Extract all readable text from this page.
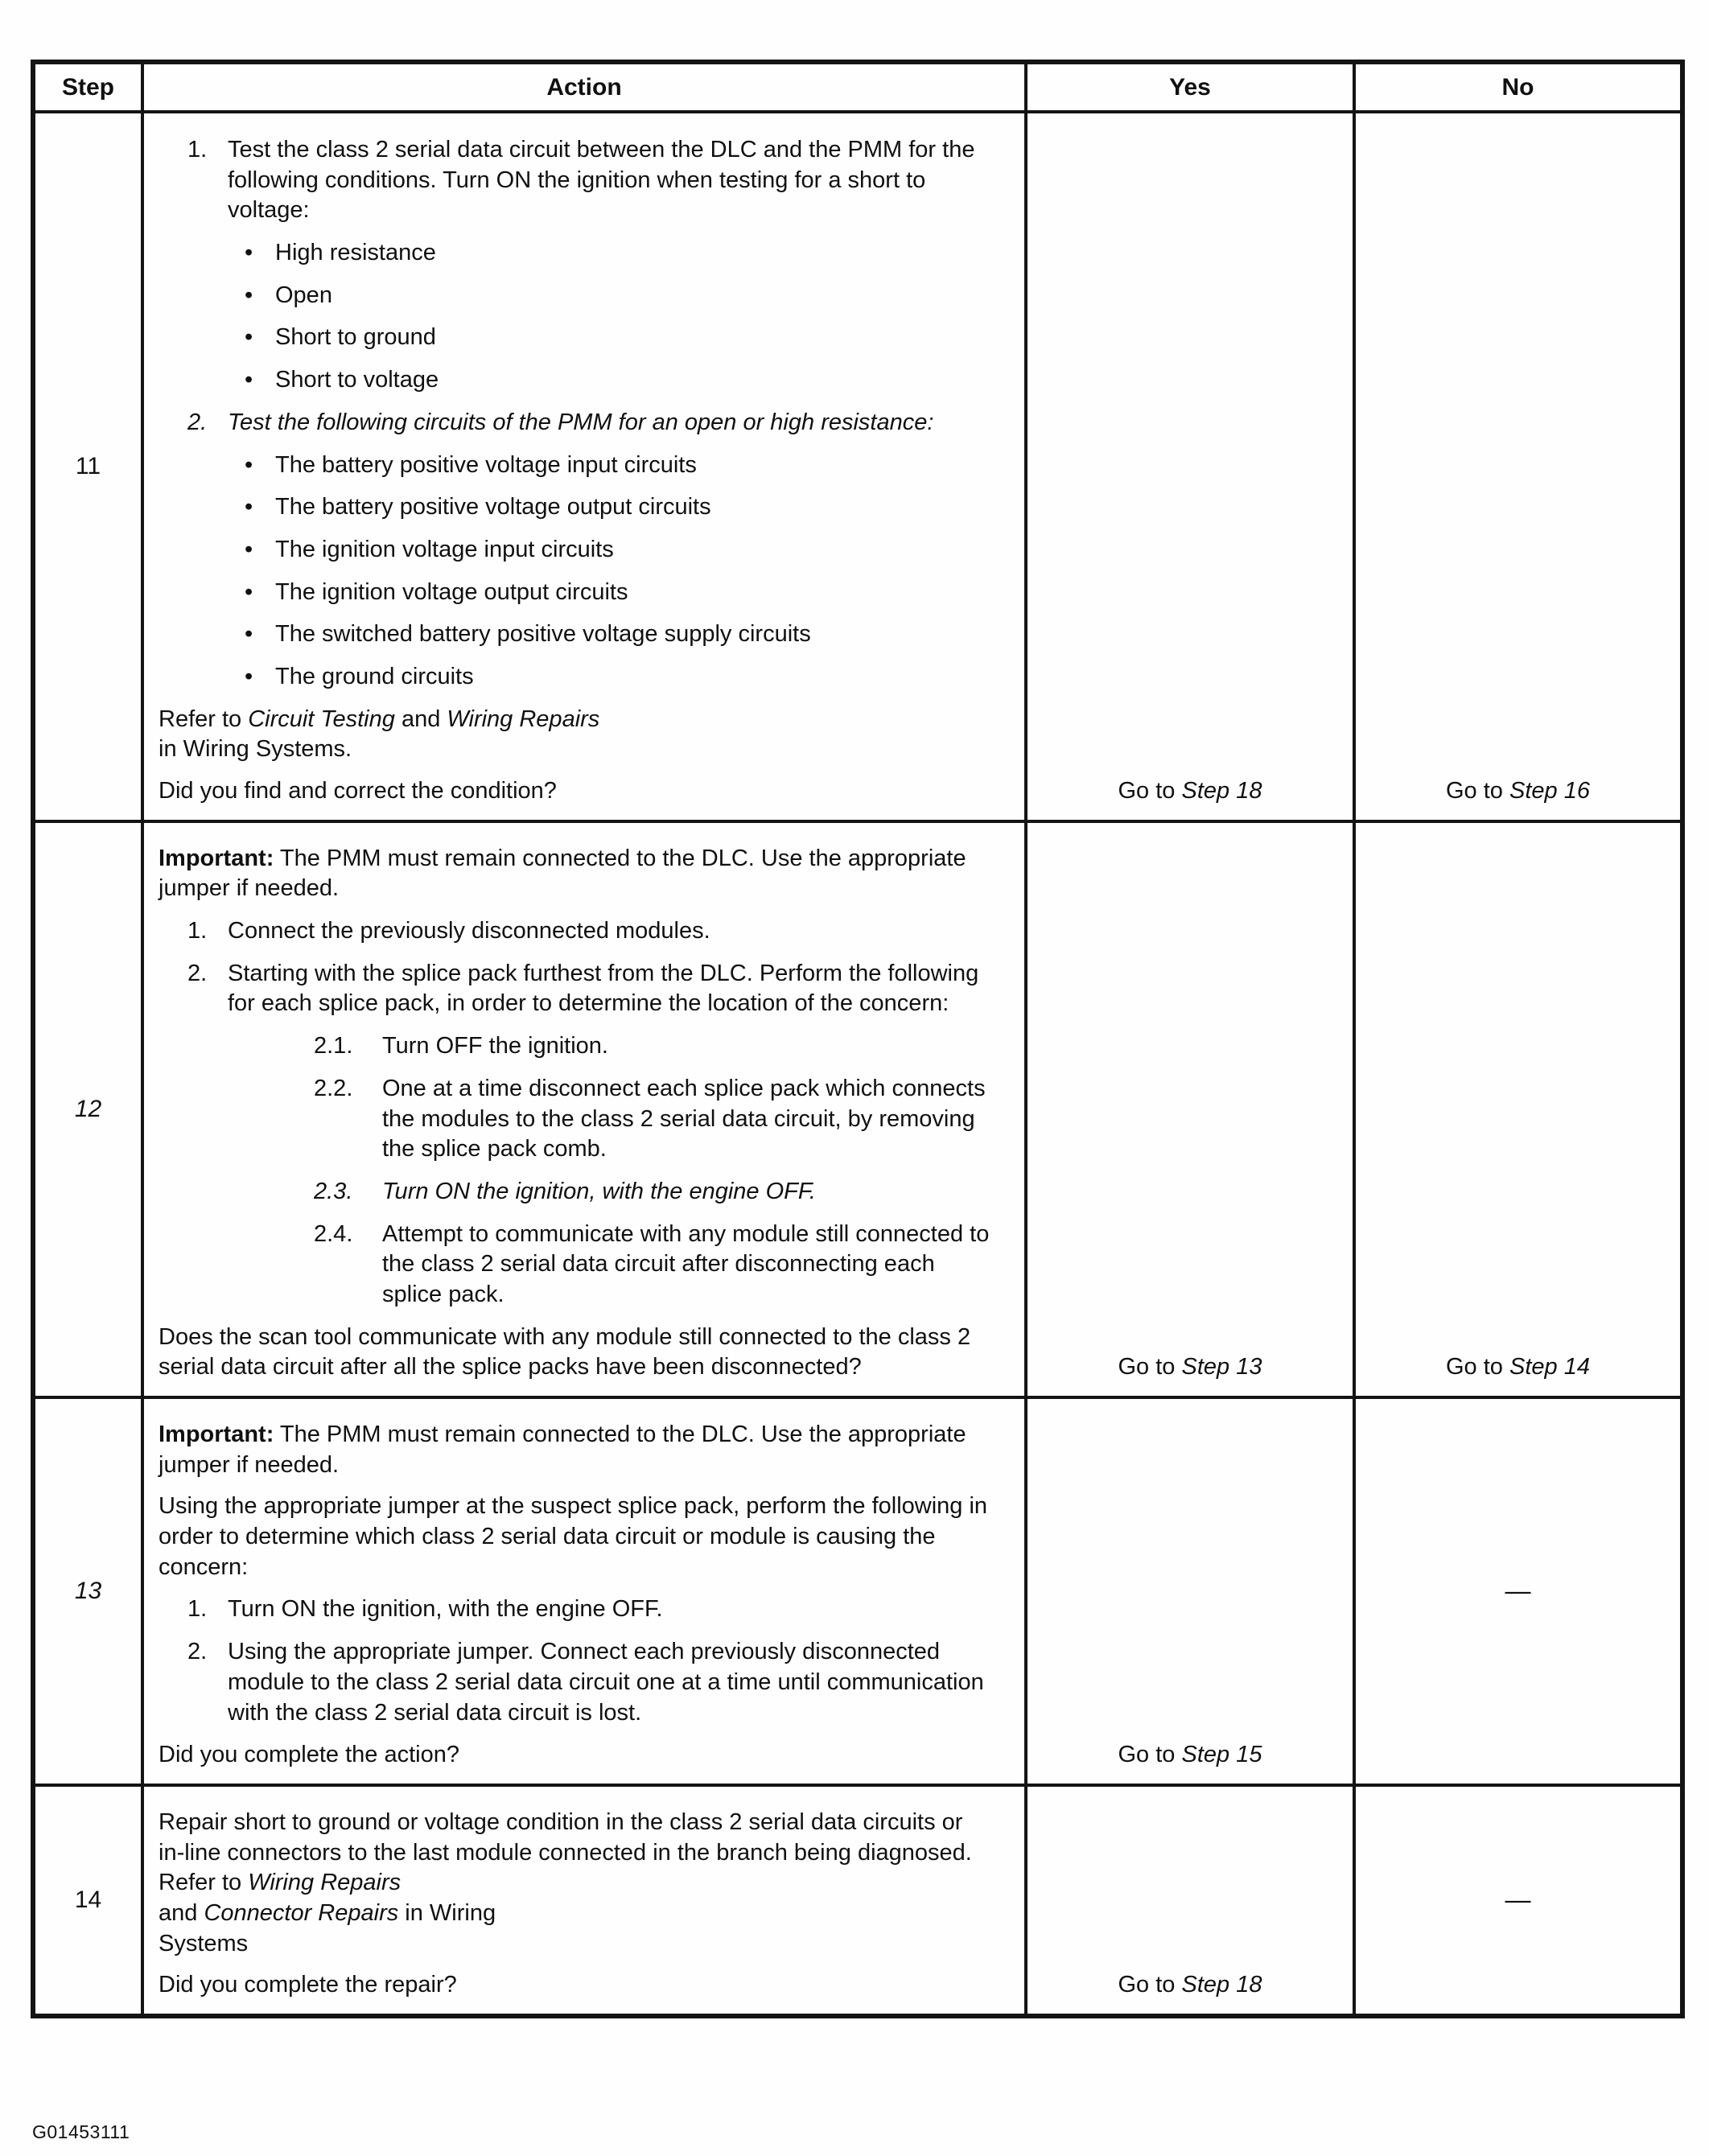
Step	Action	Yes	No
11	
1. Test the class 2 serial data circuit between the DLC and the PMM for the following conditions. Turn ON the ignition when testing for a short to voltage:
•
High resistance
•
Open
•
Short to ground
•
Short to voltage
2. Test the following circuits of the PMM for an open or high resistance:
•
The battery positive voltage input circuits
•
The battery positive voltage output circuits
•
The ignition voltage input circuits
•
The ignition voltage output circuits
•
The switched battery positive voltage supply circuits
•
The ground circuits

Refer to Circuit Testing and Wiring Repairs
in Wiring Systems.

Did you find and correct the condition?	Go to Step 18	Go to Step 16
12	

Important: The PMM must remain connected to the DLC. Use the appropriate jumper if needed.

1. Connect the previously disconnected modules.
2. Starting with the splice pack furthest from the DLC. Perform the following for each splice pack, in order to determine the location of the concern:
2.1.	Turn OFF the ignition.
2.2.	One at a time disconnect each splice pack which connects the modules to the class 2 serial data circuit, by removing the splice pack comb.
2.3.	Turn ON the ignition, with the engine OFF.
2.4.	Attempt to communicate with any module still connected to the class 2 serial data circuit after disconnecting each splice pack.

Does the scan tool communicate with any module still connected to the class 2 serial data circuit after all the splice packs have been disconnected?	Go to Step 13	Go to Step 14
13	

Important: The PMM must remain connected to the DLC. Use the appropriate jumper if needed.

Using the appropriate jumper at the suspect splice pack, perform the following in order to determine which class 2 serial data circuit or module is causing the concern:

1. Turn ON the ignition, with the engine OFF.
2. Using the appropriate jumper. Connect each previously disconnected module to the class 2 serial data circuit one at a time until communication with the class 2 serial data circuit is lost.

Did you complete the action?	Go to Step 15	—
14	Repair short to ground or voltage condition in the class 2 serial data circuits or in-line connectors to the last module connected in the branch being diagnosed. Refer to Wiring Repairs
and Connector Repairs in Wiring
Systems

Did you complete the repair?	Go to Step 18	—
G01453111
